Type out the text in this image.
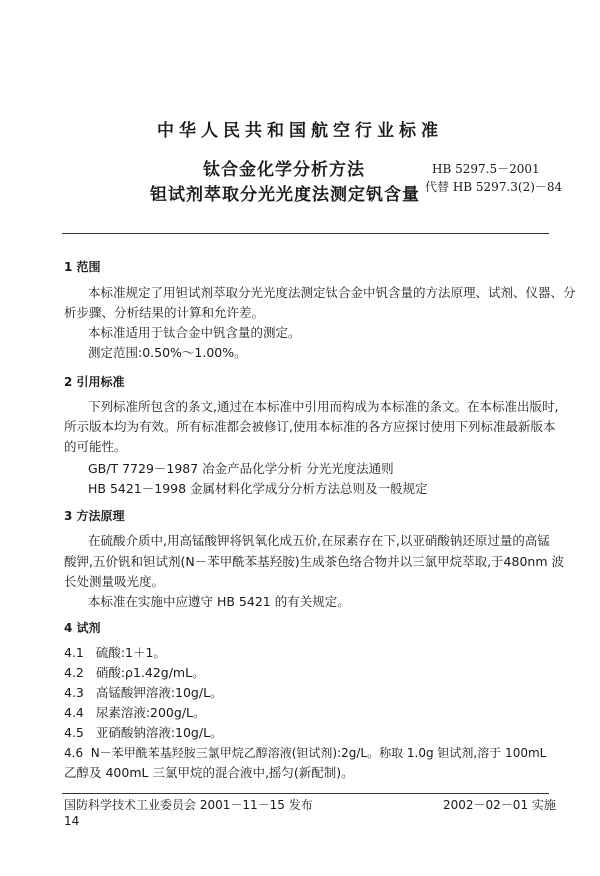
中华人民共和国航空行业标准
钛合金化学分析方法
钽试剂萃取分光光度法测定钒含量
HB 5297.5－2001
代替 HB 5297.3(2)－84
1 范围
本标准规定了用钽试剂萃取分光光度法测定钛合金中钒含量的方法原理、试剂、仪器、分
析步骤、分析结果的计算和允许差。
本标准适用于钛合金中钒含量的测定。
测定范围:0.50%～1.00%。
2 引用标准
下列标准所包含的条文,通过在本标准中引用而构成为本标准的条文。在本标准出版时,
所示版本均为有效。所有标准都会被修订,使用本标准的各方应探讨使用下列标准最新版本
的可能性。
GB/T 7729－1987 冶金产品化学分析 分光光度法通则
HB 5421－1998 金属材料化学成分分析方法总则及一般规定
3 方法原理
在硫酸介质中,用高锰酸钾将钒氧化成五价,在尿素存在下,以亚硝酸钠还原过量的高锰
酸钾,五价钒和钽试剂(N－苯甲酰苯基羟胺)生成茶色络合物并以三氯甲烷萃取,于480nm 波
长处测量吸光度。
本标准在实施中应遵守 HB 5421 的有关规定。
4 试剂
4.1 硫酸:1＋1。
4.2 硝酸:ρ1.42g/mL。
4.3 高锰酸钾溶液:10g/L。
4.4 尿素溶液:200g/L。
4.5 亚硝酸钠溶液:10g/L。
4.6 N－苯甲酰苯基羟胺三氯甲烷乙醇溶液(钽试剂):2g/L。称取 1.0g 钽试剂,溶于 100mL
乙醇及 400mL 三氯甲烷的混合液中,摇匀(新配制)。
国防科学技术工业委员会 2001－11－15 发布	2002－02－01 实施
14
